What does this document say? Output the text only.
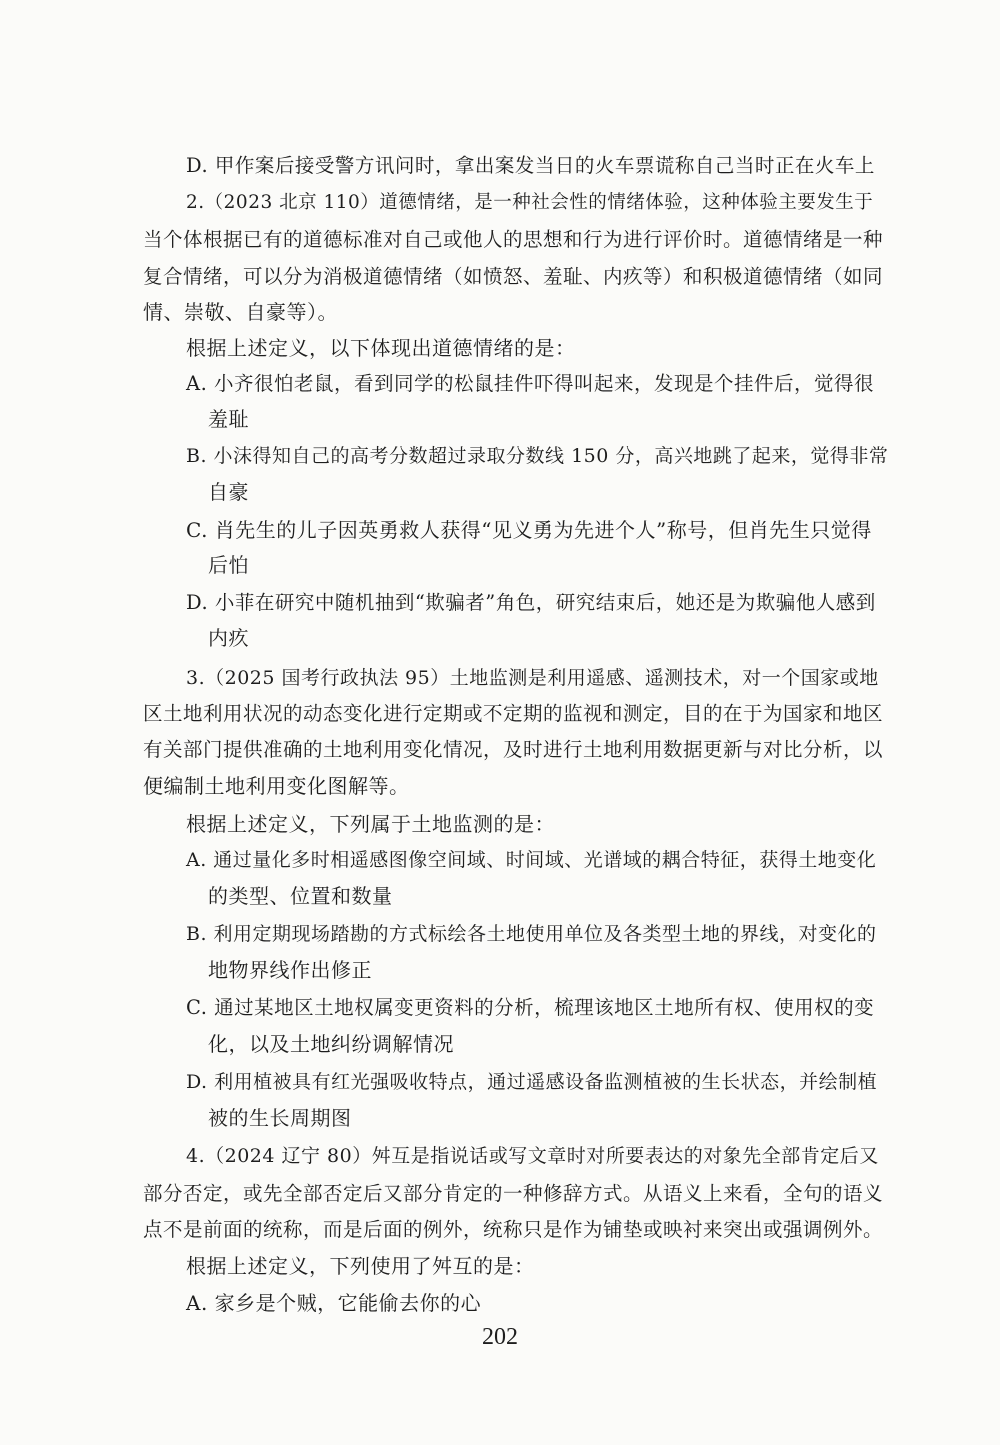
D. 甲作案后接受警方讯问时，拿出案发当日的火车票谎称自己当时正在火车上
2.（2023 北京 110）道德情绪，是一种社会性的情绪体验，这种体验主要发生于
当个体根据已有的道德标准对自己或他人的思想和行为进行评价时。道德情绪是一种
复合情绪，可以分为消极道德情绪（如愤怒、羞耻、内疚等）和积极道德情绪（如同
情、崇敬、自豪等）。
根据上述定义，以下体现出道德情绪的是：
A. 小齐很怕老鼠，看到同学的松鼠挂件吓得叫起来，发现是个挂件后，觉得很
羞耻
B. 小沫得知自己的高考分数超过录取分数线 150 分，高兴地跳了起来，觉得非常
自豪
C. 肖先生的儿子因英勇救人获得“见义勇为先进个人”称号，但肖先生只觉得
后怕
D. 小菲在研究中随机抽到“欺骗者”角色，研究结束后，她还是为欺骗他人感到
内疚
3.（2025 国考行政执法 95）土地监测是利用遥感、遥测技术，对一个国家或地
区土地利用状况的动态变化进行定期或不定期的监视和测定，目的在于为国家和地区
有关部门提供准确的土地利用变化情况，及时进行土地利用数据更新与对比分析，以
便编制土地利用变化图解等。
根据上述定义，下列属于土地监测的是：
A. 通过量化多时相遥感图像空间域、时间域、光谱域的耦合特征，获得土地变化
的类型、位置和数量
B. 利用定期现场踏勘的方式标绘各土地使用单位及各类型土地的界线，对变化的
地物界线作出修正
C. 通过某地区土地权属变更资料的分析，梳理该地区土地所有权、使用权的变
化，以及土地纠纷调解情况
D. 利用植被具有红光强吸收特点，通过遥感设备监测植被的生长状态，并绘制植
被的生长周期图
4.（2024 辽宁 80）舛互是指说话或写文章时对所要表达的对象先全部肯定后又
部分否定，或先全部否定后又部分肯定的一种修辞方式。从语义上来看，全句的语义
点不是前面的统称，而是后面的例外，统称只是作为铺垫或映衬来突出或强调例外。
根据上述定义，下列使用了舛互的是：
A. 家乡是个贼，它能偷去你的心
202
